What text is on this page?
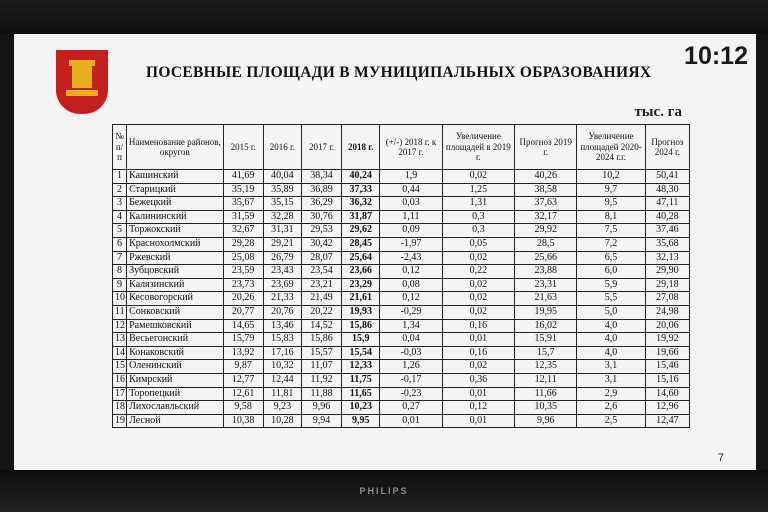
ПОСЕВНЫЕ ПЛОЩАДИ В МУНИЦИПАЛЬНЫХ ОБРАЗОВАНИЯХ
10:12
тыс. га
№ п/п	Наименование районов, округов	2015 г.	2016 г.	2017 г.	2018 г.	(+/-) 2018 г. к 2017 г.	Увеличение площадей в 2019 г.	Прогноз 2019 г.	Увеличение площадей 2020-2024 г.г.	Прогноз 2024 г.
1	Кашинский	41,69	40,04	38,34	40,24	1,9	0,02	40,26	10,2	50,41
2	Старицкий	35,19	35,89	36,89	37,33	0,44	1,25	38,58	9,7	48,30
3	Бежецкий	35,67	35,15	36,29	36,32	0,03	1,31	37,63	9,5	47,11
4	Калининский	31,59	32,28	30,76	31,87	1,11	0,3	32,17	8,1	40,28
5	Торжокский	32,67	31,31	29,53	29,62	0,09	0,3	29,92	7,5	37,46
6	Краснохолмский	29,28	29,21	30,42	28,45	-1,97	0,05	28,5	7,2	35,68
7	Ржевский	25,08	26,79	28,07	25,64	-2,43	0,02	25,66	6,5	32,13
8	Зубцовский	23,59	23,43	23,54	23,66	0,12	0,22	23,88	6,0	29,90
9	Калязинский	23,73	23,69	23,21	23,29	0,08	0,02	23,31	5,9	29,18
10	Кесовогорский	20,26	21,33	21,49	21,61	0,12	0,02	21,63	5,5	27,08
11	Сонковский	20,77	20,76	20,22	19,93	-0,29	0,02	19,95	5,0	24,98
12	Рамешковский	14,65	13,46	14,52	15,86	1,34	0,16	16,02	4,0	20,06
13	Весьегонский	15,79	15,83	15,86	15,9	0,04	0,01	15,91	4,0	19,92
14	Конаковский	13,92	17,16	15,57	15,54	-0,03	0,16	15,7	4,0	19,66
15	Оленинский	9,87	10,32	11,07	12,33	1,26	0,02	12,35	3,1	15,46
16	Кимрский	12,77	12,44	11,92	11,75	-0,17	0,36	12,11	3,1	15,16
17	Торопецкий	12,61	11,81	11,88	11,65	-0,23	0,01	11,66	2,9	14,60
18	Лихославльский	9,58	9,23	9,96	10,23	0,27	0,12	10,35	2,6	12,96
19	Лесной	10,38	10,28	9,94	9,95	0,01	0,01	9,96	2,5	12,47
7
PHILIPS
